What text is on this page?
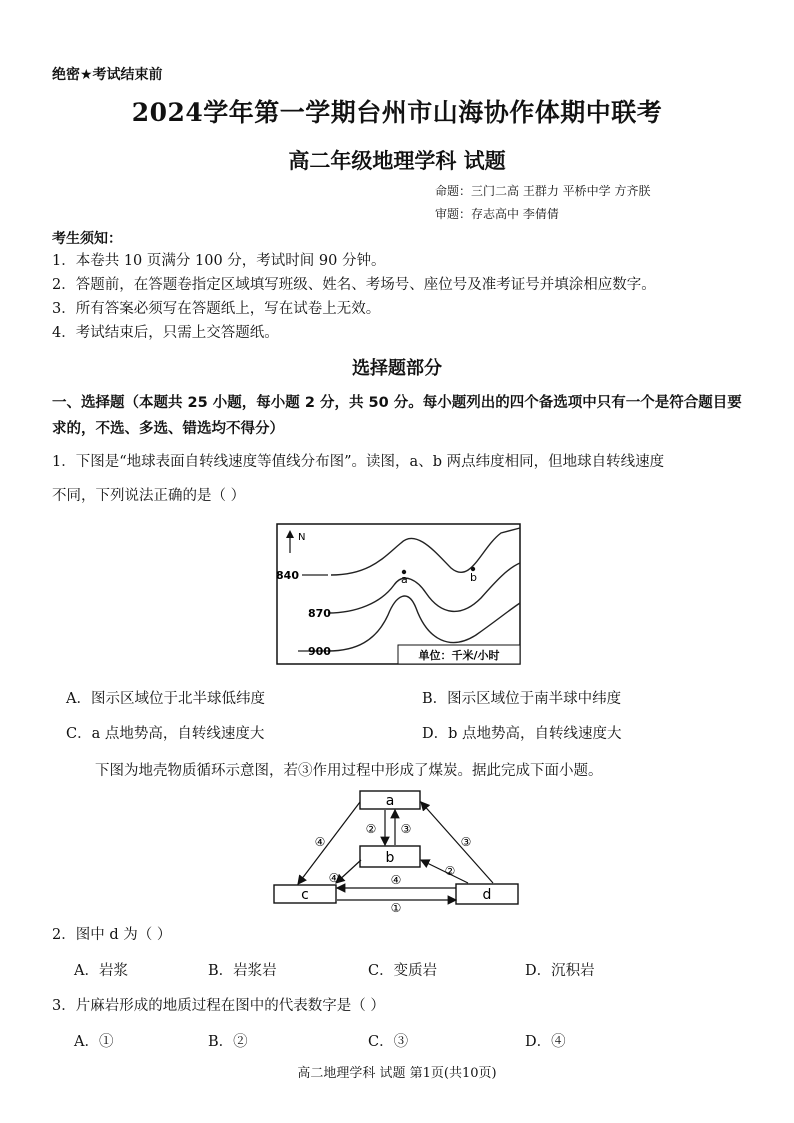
绝密★考试结束前
2024学年第一学期台州市山海协作体期中联考
高二年级地理学科 试题
命题：三门二高 王群力 平桥中学 方齐朕
审题：存志高中 李倩倩
考生须知：
1．本卷共 10 页满分 100 分，考试时间 90 分钟。
2．答题前，在答题卷指定区域填写班级、姓名、考场号、座位号及准考证号并填涂相应数字。
3．所有答案必须写在答题纸上，写在试卷上无效。
4．考试结束后，只需上交答题纸。
选择题部分
一、选择题（本题共 25 小题，每小题 2 分，共 50 分。每小题列出的四个备选项中只有一个是符合题目要求的，不选、多选、错选均不得分）
1．下图是“地球表面自转线速度等值线分布图”。读图，a、b 两点纬度相同，但地球自转线速度
不同，下列说法正确的是（ ）
N
840
870
900
a	b
单位：千米/小时
A．图示区域位于北半球低纬度	B．图示区域位于南半球中纬度
C．a 点地势高，自转线速度大	D．b 点地势高，自转线速度大
下图为地壳物质循环示意图，若③作用过程中形成了煤炭。据此完成下面小题。
a
b
c	d
② ③
④	③
②
④	④
①
2．图中 d 为（ ）
A．岩浆	B．岩浆岩	C．变质岩	D．沉积岩
3．片麻岩形成的地质过程在图中的代表数字是（ ）
A．①	B．②	C．③	D．④
高二地理学科 试题 第1页(共10页)
